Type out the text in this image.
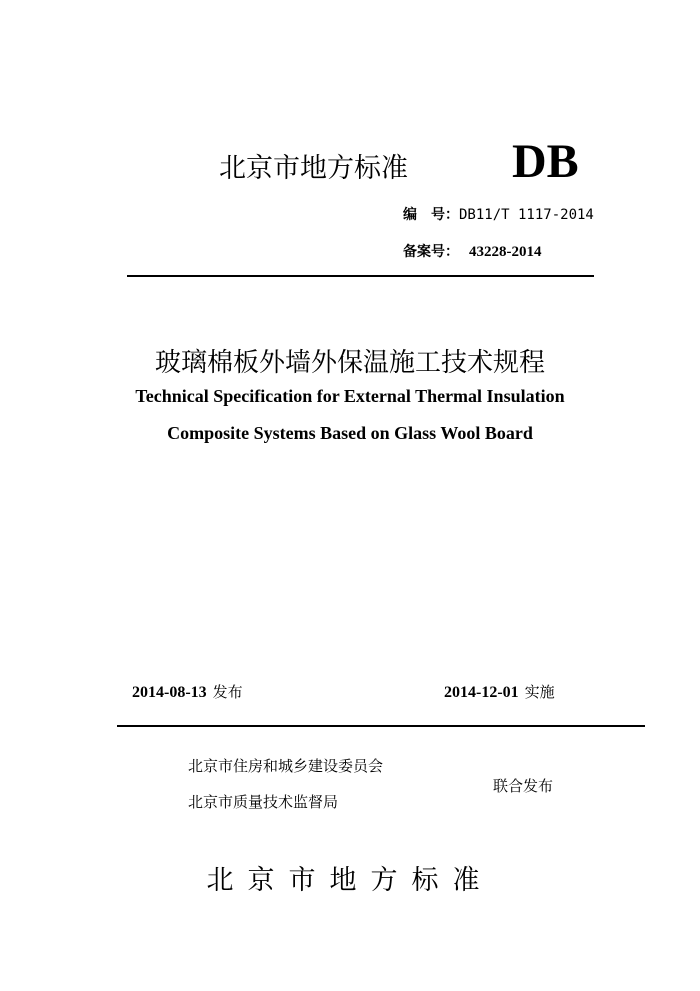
北京市地方标准 DB
编　号：DB11/T 1117-2014
备案号： 43228-2014
玻璃棉板外墙外保温施工技术规程
Technical Specification for External Thermal Insulation
Composite Systems Based on Glass Wool Board
2014-08-13 发布	2014-12-01 实施
北京市住房和城乡建设委员会
北京市质量技术监督局
联合发布
北京市地方标准
